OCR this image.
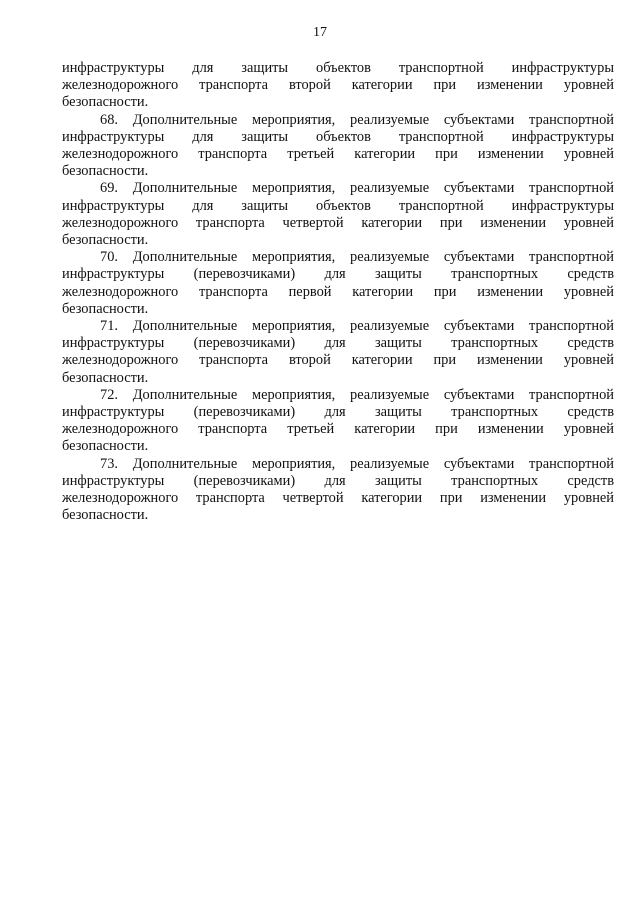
17

инфраструктуры для защиты объектов транспортной инфраструктуры
железнодорожного транспорта второй категории при изменении уровней
безопасности.

68. Дополнительные мероприятия, реализуемые субъектами транспортной
инфраструктуры для защиты объектов транспортной инфраструктуры
железнодорожного транспорта третьей категории при изменении уровней
безопасности.

69. Дополнительные мероприятия, реализуемые субъектами транспортной
инфраструктуры для защиты объектов транспортной инфраструктуры
железнодорожного транспорта четвертой категории при изменении уровней
безопасности.

70. Дополнительные мероприятия, реализуемые субъектами транспортной
инфраструктуры (перевозчиками) для защиты транспортных средств
железнодорожного транспорта первой категории при изменении уровней
безопасности.

71. Дополнительные мероприятия, реализуемые субъектами транспортной
инфраструктуры (перевозчиками) для защиты транспортных средств
железнодорожного транспорта второй категории при изменении уровней
безопасности.

72. Дополнительные мероприятия, реализуемые субъектами транспортной
инфраструктуры (перевозчиками) для защиты транспортных средств
железнодорожного транспорта третьей категории при изменении уровней
безопасности.

73. Дополнительные мероприятия, реализуемые субъектами транспортной
инфраструктуры (перевозчиками) для защиты транспортных средств
железнодорожного транспорта четвертой категории при изменении уровней
безопасности.
